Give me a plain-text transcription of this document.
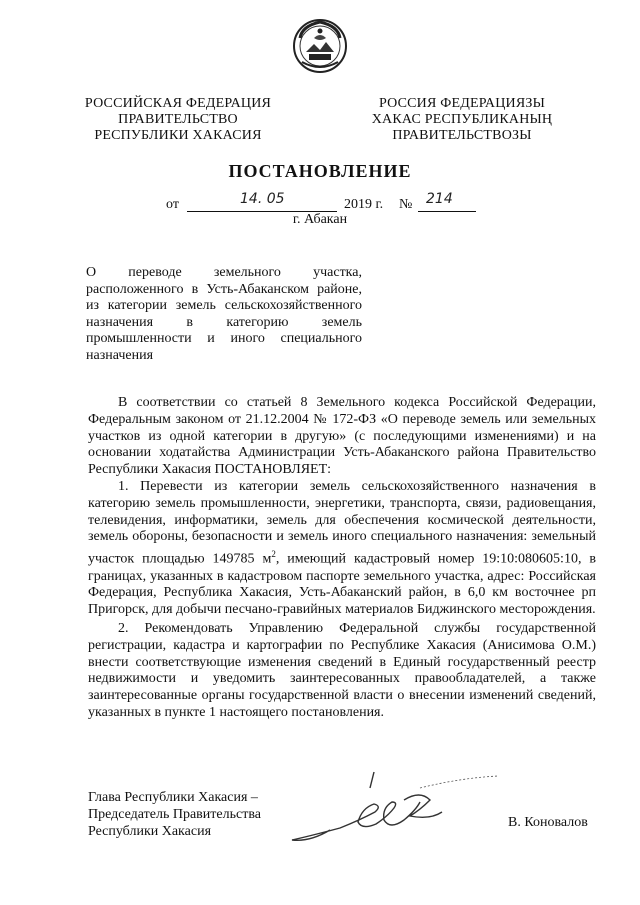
РОССИЙСКАЯ ФЕДЕРАЦИЯ
ПРАВИТЕЛЬСТВО
РЕСПУБЛИКИ ХАКАСИЯ
РОССИЯ ФЕДЕРАЦИЯЗЫ
ХАКАС РЕСПУБЛИКАНЫҢ
ПРАВИТЕЛЬСТВОЗЫ
ПОСТАНОВЛЕНИЕ
от	14. 05	2019 г. № 214
г. Абакан
О переводе земельного участка, расположенного в Усть-Абаканском районе, из категории земель сельскохозяйственного назначения в категорию земель промышленности и иного специального назначения

В соответствии со статьей 8 Земельного кодекса Российской Федерации, Федеральным законом от 21.12.2004 № 172-ФЗ «О переводе земель или земельных участков из одной категории в другую» (с последующими изменениями) и на основании ходатайства Администрации Усть-Абаканского района Правительство Республики Хакасия ПОСТАНОВЛЯЕТ:

1. Перевести из категории земель сельскохозяйственного назначения в категорию земель промышленности, энергетики, транспорта, связи, радиовещания, телевидения, информатики, земель для обеспечения космической деятельности, земель обороны, безопасности и земель иного специального назначения: земельный участок площадью 149785 $м^2$, имеющий кадастровый номер 19:10:080605:10, в границах, указанных в кадастровом паспорте земельного участка, адрес: Российская Федерация, Республика Хакасия, Усть-Абаканский район, в 6,0 км восточнее рп Пригорск, для добычи песчано-гравийных материалов Биджинского месторождения.

2. Рекомендовать Управлению Федеральной службы государственной регистрации, кадастра и картографии по Республике Хакасия (Анисимова О.М.) внести соответствующие изменения сведений в Единый государственный реестр недвижимости и уведомить заинтересованных правообладателей, а также заинтересованные органы государственной власти о внесении изменений сведений, указанных в пункте 1 настоящего постановления.

Глава Республики Хакасия –
Председатель Правительства
Республики Хакасия
В. Коновалов
